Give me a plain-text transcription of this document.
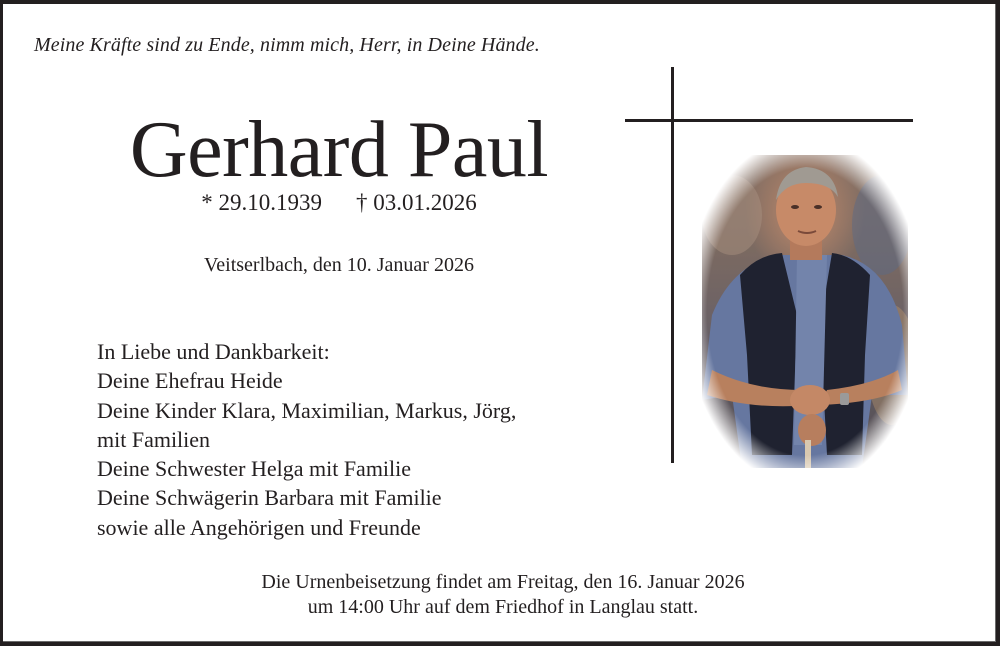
Meine Kräfte sind zu Ende, nimm mich, Herr, in Deine Hände.
Gerhard Paul
* 29.10.1939 † 03.01.2026
Veitserlbach, den 10. Januar 2026
In Liebe und Dankbarkeit:
Deine Ehefrau Heide
Deine Kinder Klara, Maximilian, Markus, Jörg,
mit Familien
Deine Schwester Helga mit Familie
Deine Schwägerin Barbara mit Familie
sowie alle Angehörigen und Freunde
Die Urnenbeisetzung findet am Freitag, den 16. Januar 2026
um 14:00 Uhr auf dem Friedhof in Langlau statt.
